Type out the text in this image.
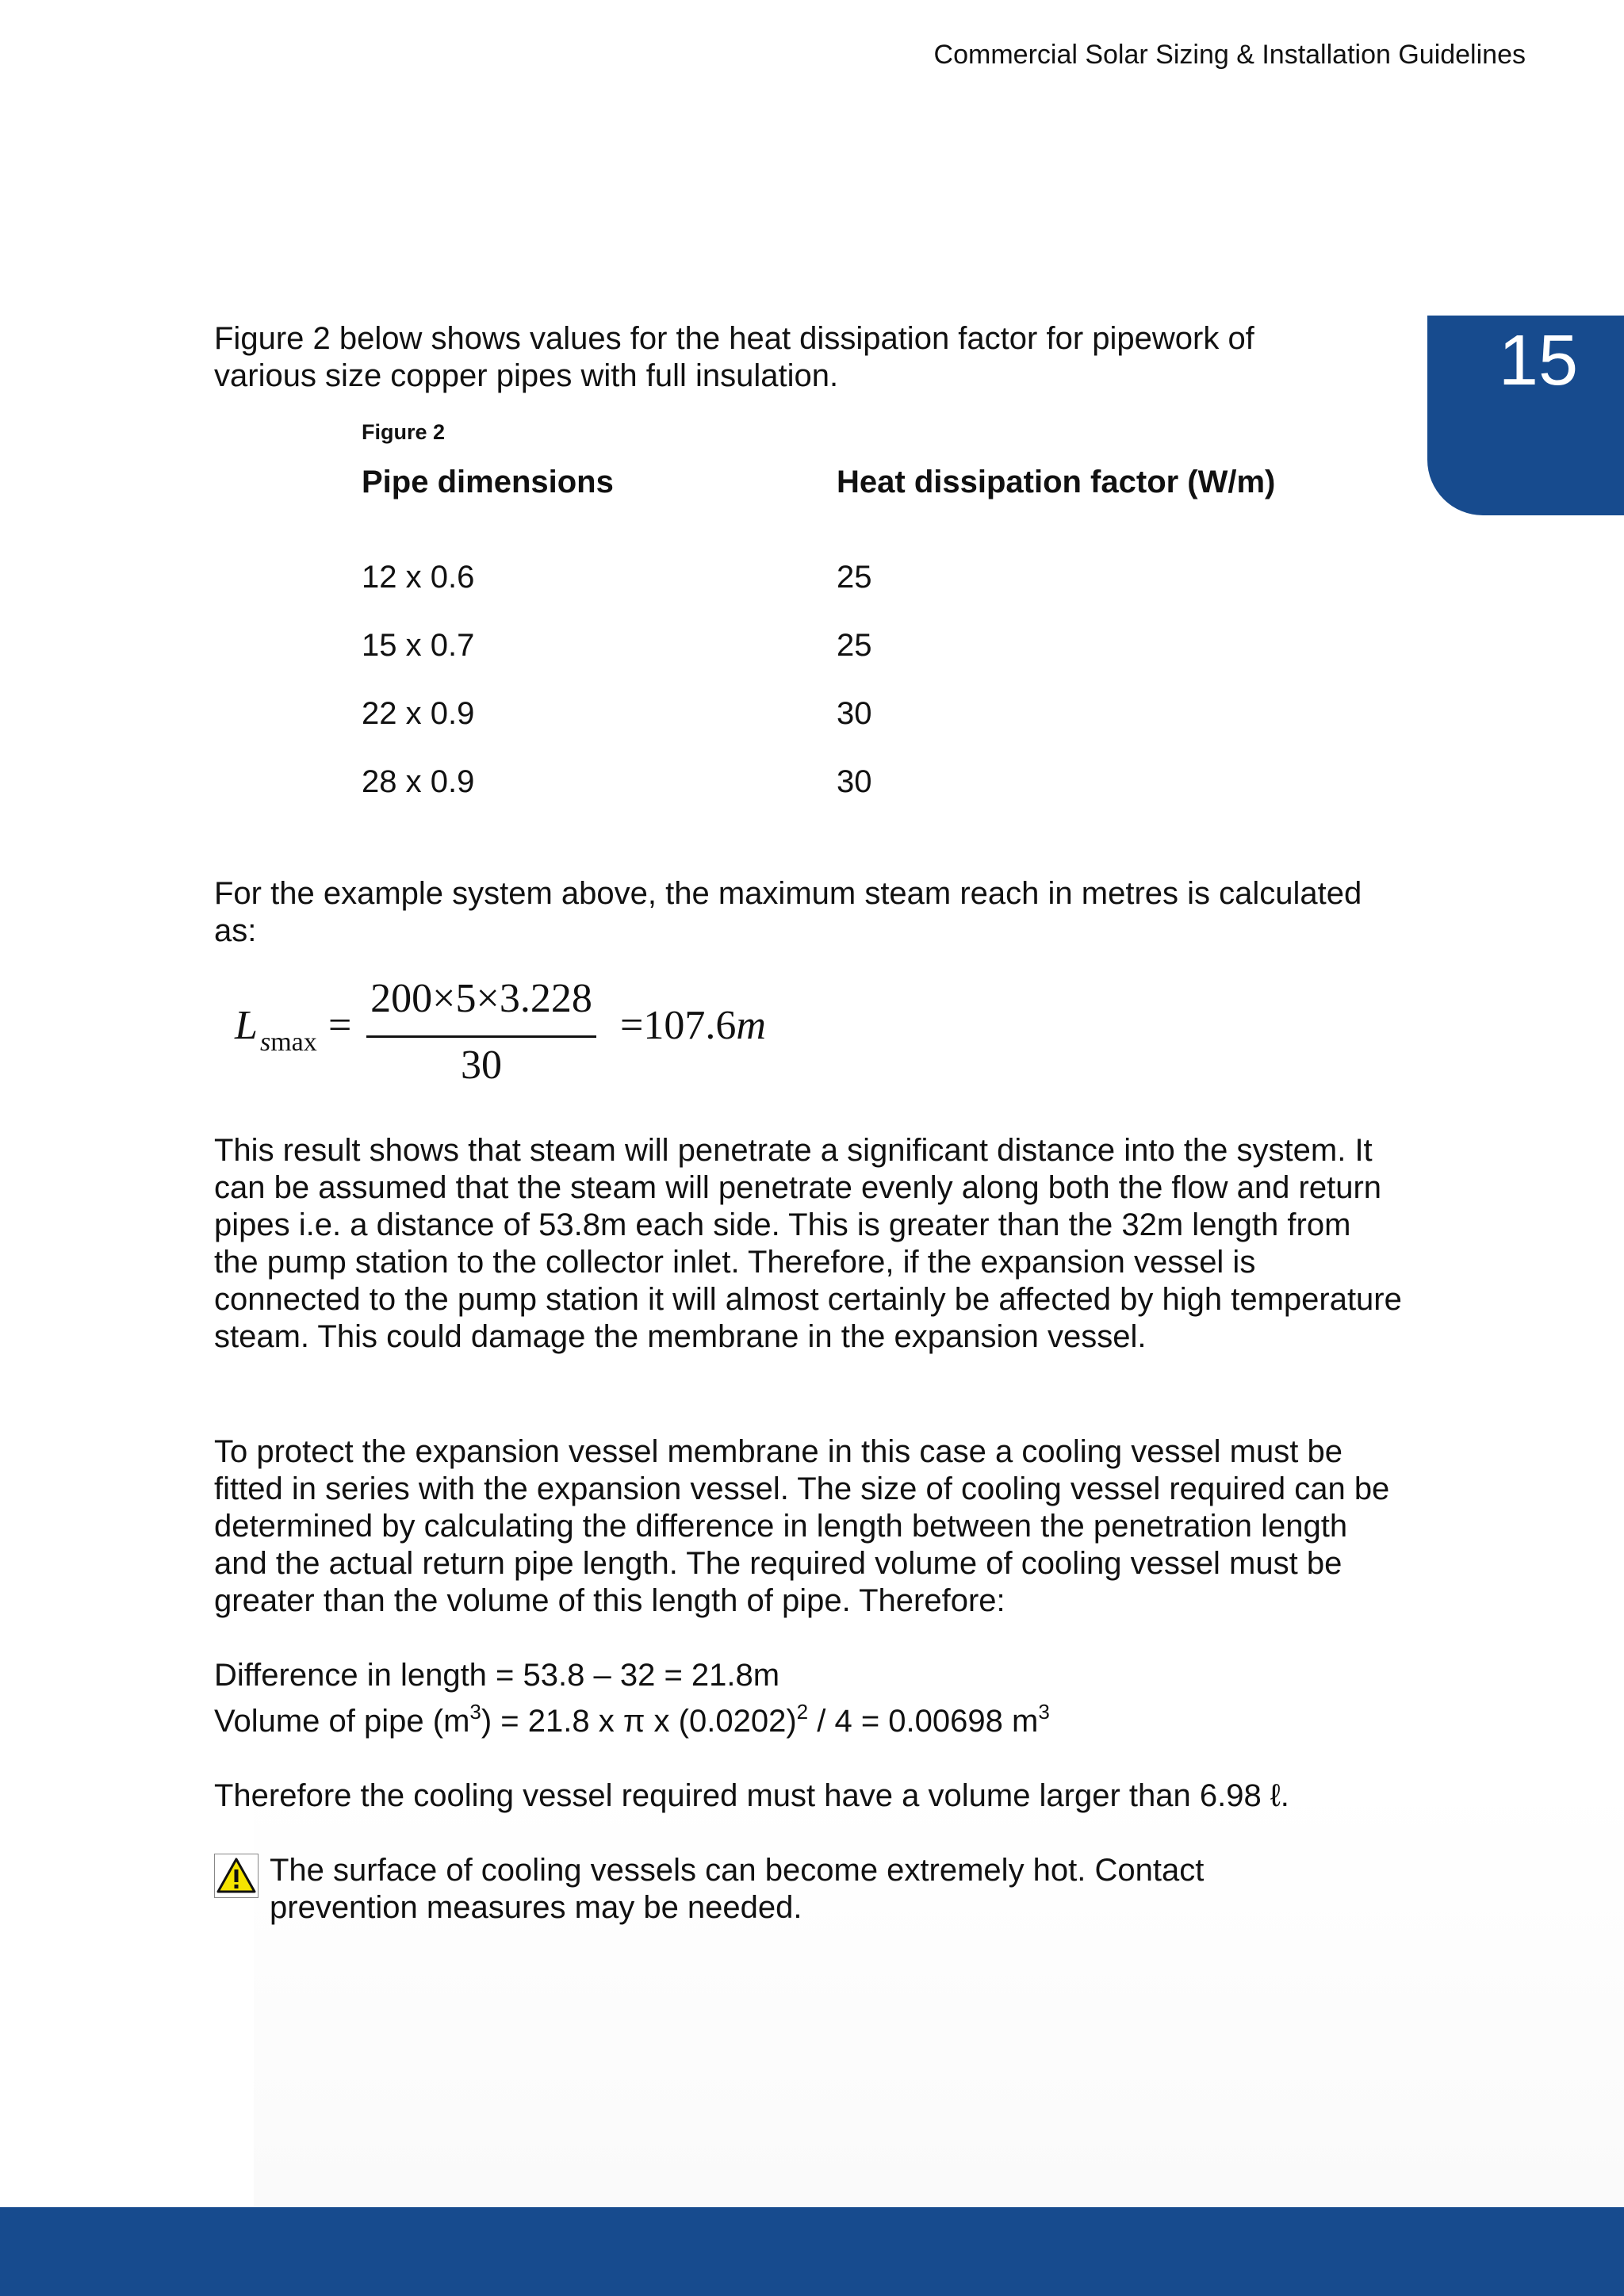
Commercial Solar Sizing & Installation Guidelines
15
Figure 2 below shows values for the heat dissipation factor for pipework of various size copper pipes with full insulation.
Figure 2
Pipe dimensions	Heat dissipation factor (W/m)
12 x 0.6	25
15 x 0.7	25
22 x 0.9	30
28 x 0.9	30
For the example system above, the maximum steam reach in metres is calculated as:
L smax =
200×5×3.228
30
=107.6m
This result shows that steam will penetrate a significant distance into the system. It can be assumed that the steam will penetrate evenly along both the flow and return pipes i.e. a distance of 53.8m each side. This is greater than the 32m length from the pump station to the collector inlet. Therefore, if the expansion vessel is connected to the pump station it will almost certainly be affected by high temperature steam. This could damage the membrane in the expansion vessel.
To protect the expansion vessel membrane in this case a cooling vessel must be fitted in series with the expansion vessel. The size of cooling vessel required can be determined by calculating the difference in length between the penetration length and the actual return pipe length. The required volume of cooling vessel must be greater than the volume of this length of pipe. Therefore:
Difference in length = 53.8 – 32 = 21.8m
Volume of pipe $(m^3) = 21.8$ x π x $(0.0202)^2 / 4 = 0.00698$ $m^3$
Therefore the cooling vessel required must have a volume larger than 6.98 ℓ.
The surface of cooling vessels can become extremely hot. Contact prevention measures may be needed.
